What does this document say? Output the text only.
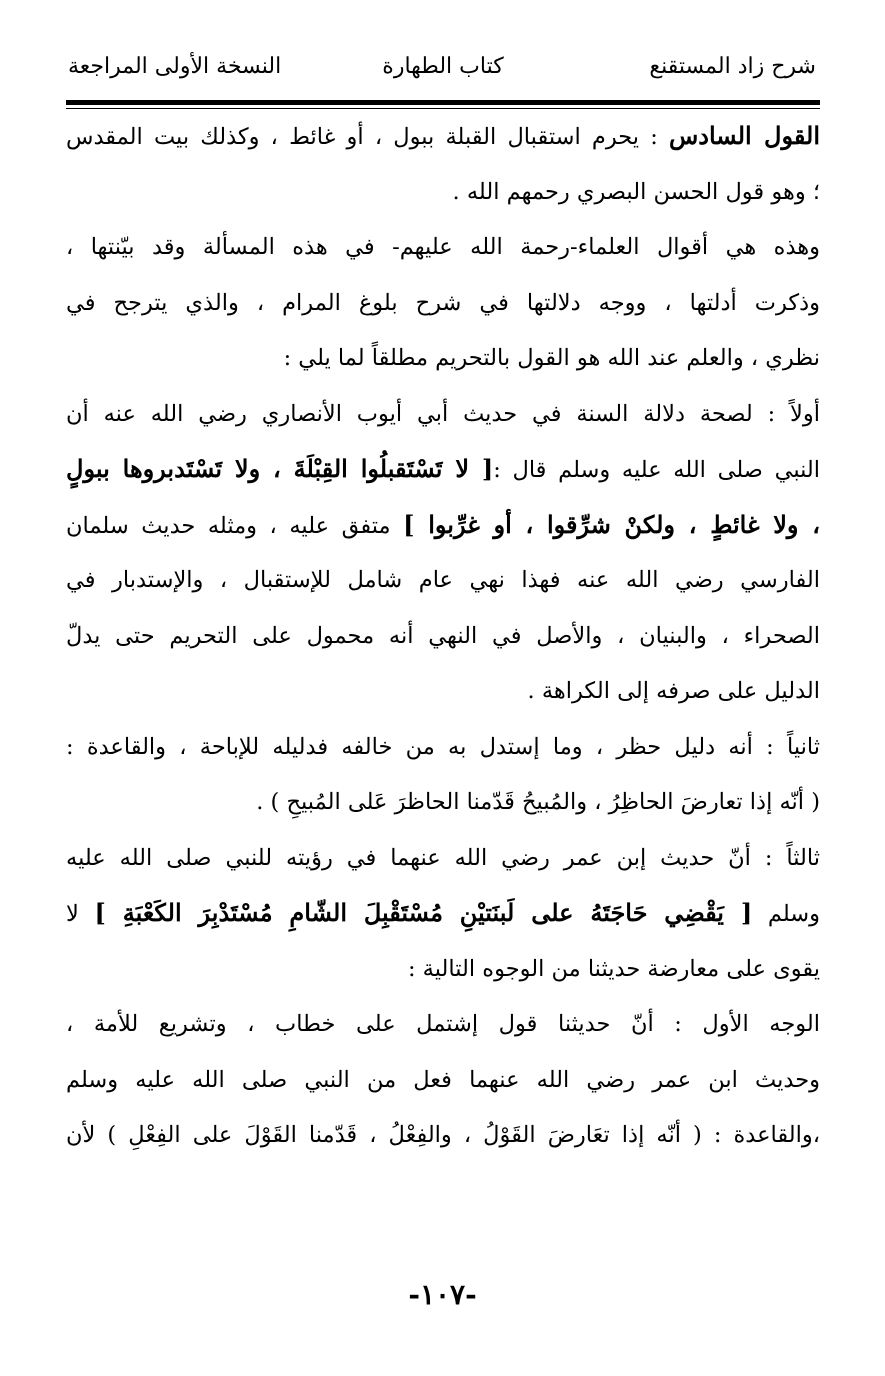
شرح زاد المستقنع
كتاب الطهارة
النسخة الأولى المراجعة
القول السادس : يحرم استقبال القبلة ببول ، أو غائط ، وكذلك بيت المقدس
؛ وهو قول الحسن البصري رحمهم الله .
وهذه هي أقوال العلماء-رحمة الله عليهم- في هذه المسألة وقد بيّنتها ،
وذكرت أدلتها ، ووجه دلالتها في شرح بلوغ المرام ، والذي يترجح في
نظري ، والعلم عند الله هو القول بالتحريم مطلقاً لما يلي :
أولاً : لصحة دلالة السنة في حديث أبي أيوب الأنصاري رضي الله عنه أن
النبي صلى الله عليه وسلم قال :[ لا تَسْتَقبلُوا القِبْلَةَ ، ولا تَسْتَدبروها ببولٍ
، ولا غائطٍ ، ولكنْ شرِّقوا ، أو غرِّبوا ] متفق عليه ، ومثله حديث سلمان
الفارسي رضي الله عنه فهذا نهي عام شامل للإستقبال ، والإستدبار في
الصحراء ، والبنيان ، والأصل في النهي أنه محمول على التحريم حتى يدلّ
الدليل على صرفه إلى الكراهة .
ثانياً : أنه دليل حظر ، وما إستدل به من خالفه فدليله للإباحة ، والقاعدة :
( أنّه إذا تعارضَ الحاظِرُ ، والمُبيحُ قَدّمنا الحاظرَ عَلى المُبيحِ ) .
ثالثاً : أنّ حديث إبن عمر رضي الله عنهما في رؤيته للنبي صلى الله عليه
وسلم [ يَقْضِي حَاجَتَهُ على لَبنَتيْنِ مُسْتَقْبِلَ الشّامِ مُسْتَدْبِرَ الكَعْبَةِ ] لا
يقوى على معارضة حديثنا من الوجوه التالية :
الوجه الأول : أنّ حديثنا قول إشتمل على خطاب ، وتشريع للأمة ،
وحديث ابن عمر رضي الله عنهما فعل من النبي صلى الله عليه وسلم
،والقاعدة : ( أنّه إذا تعَارضَ القَوْلُ ، والفِعْلُ ، قَدّمنا القَوْلَ على الفِعْلِ ) لأن
-١٠٧-
